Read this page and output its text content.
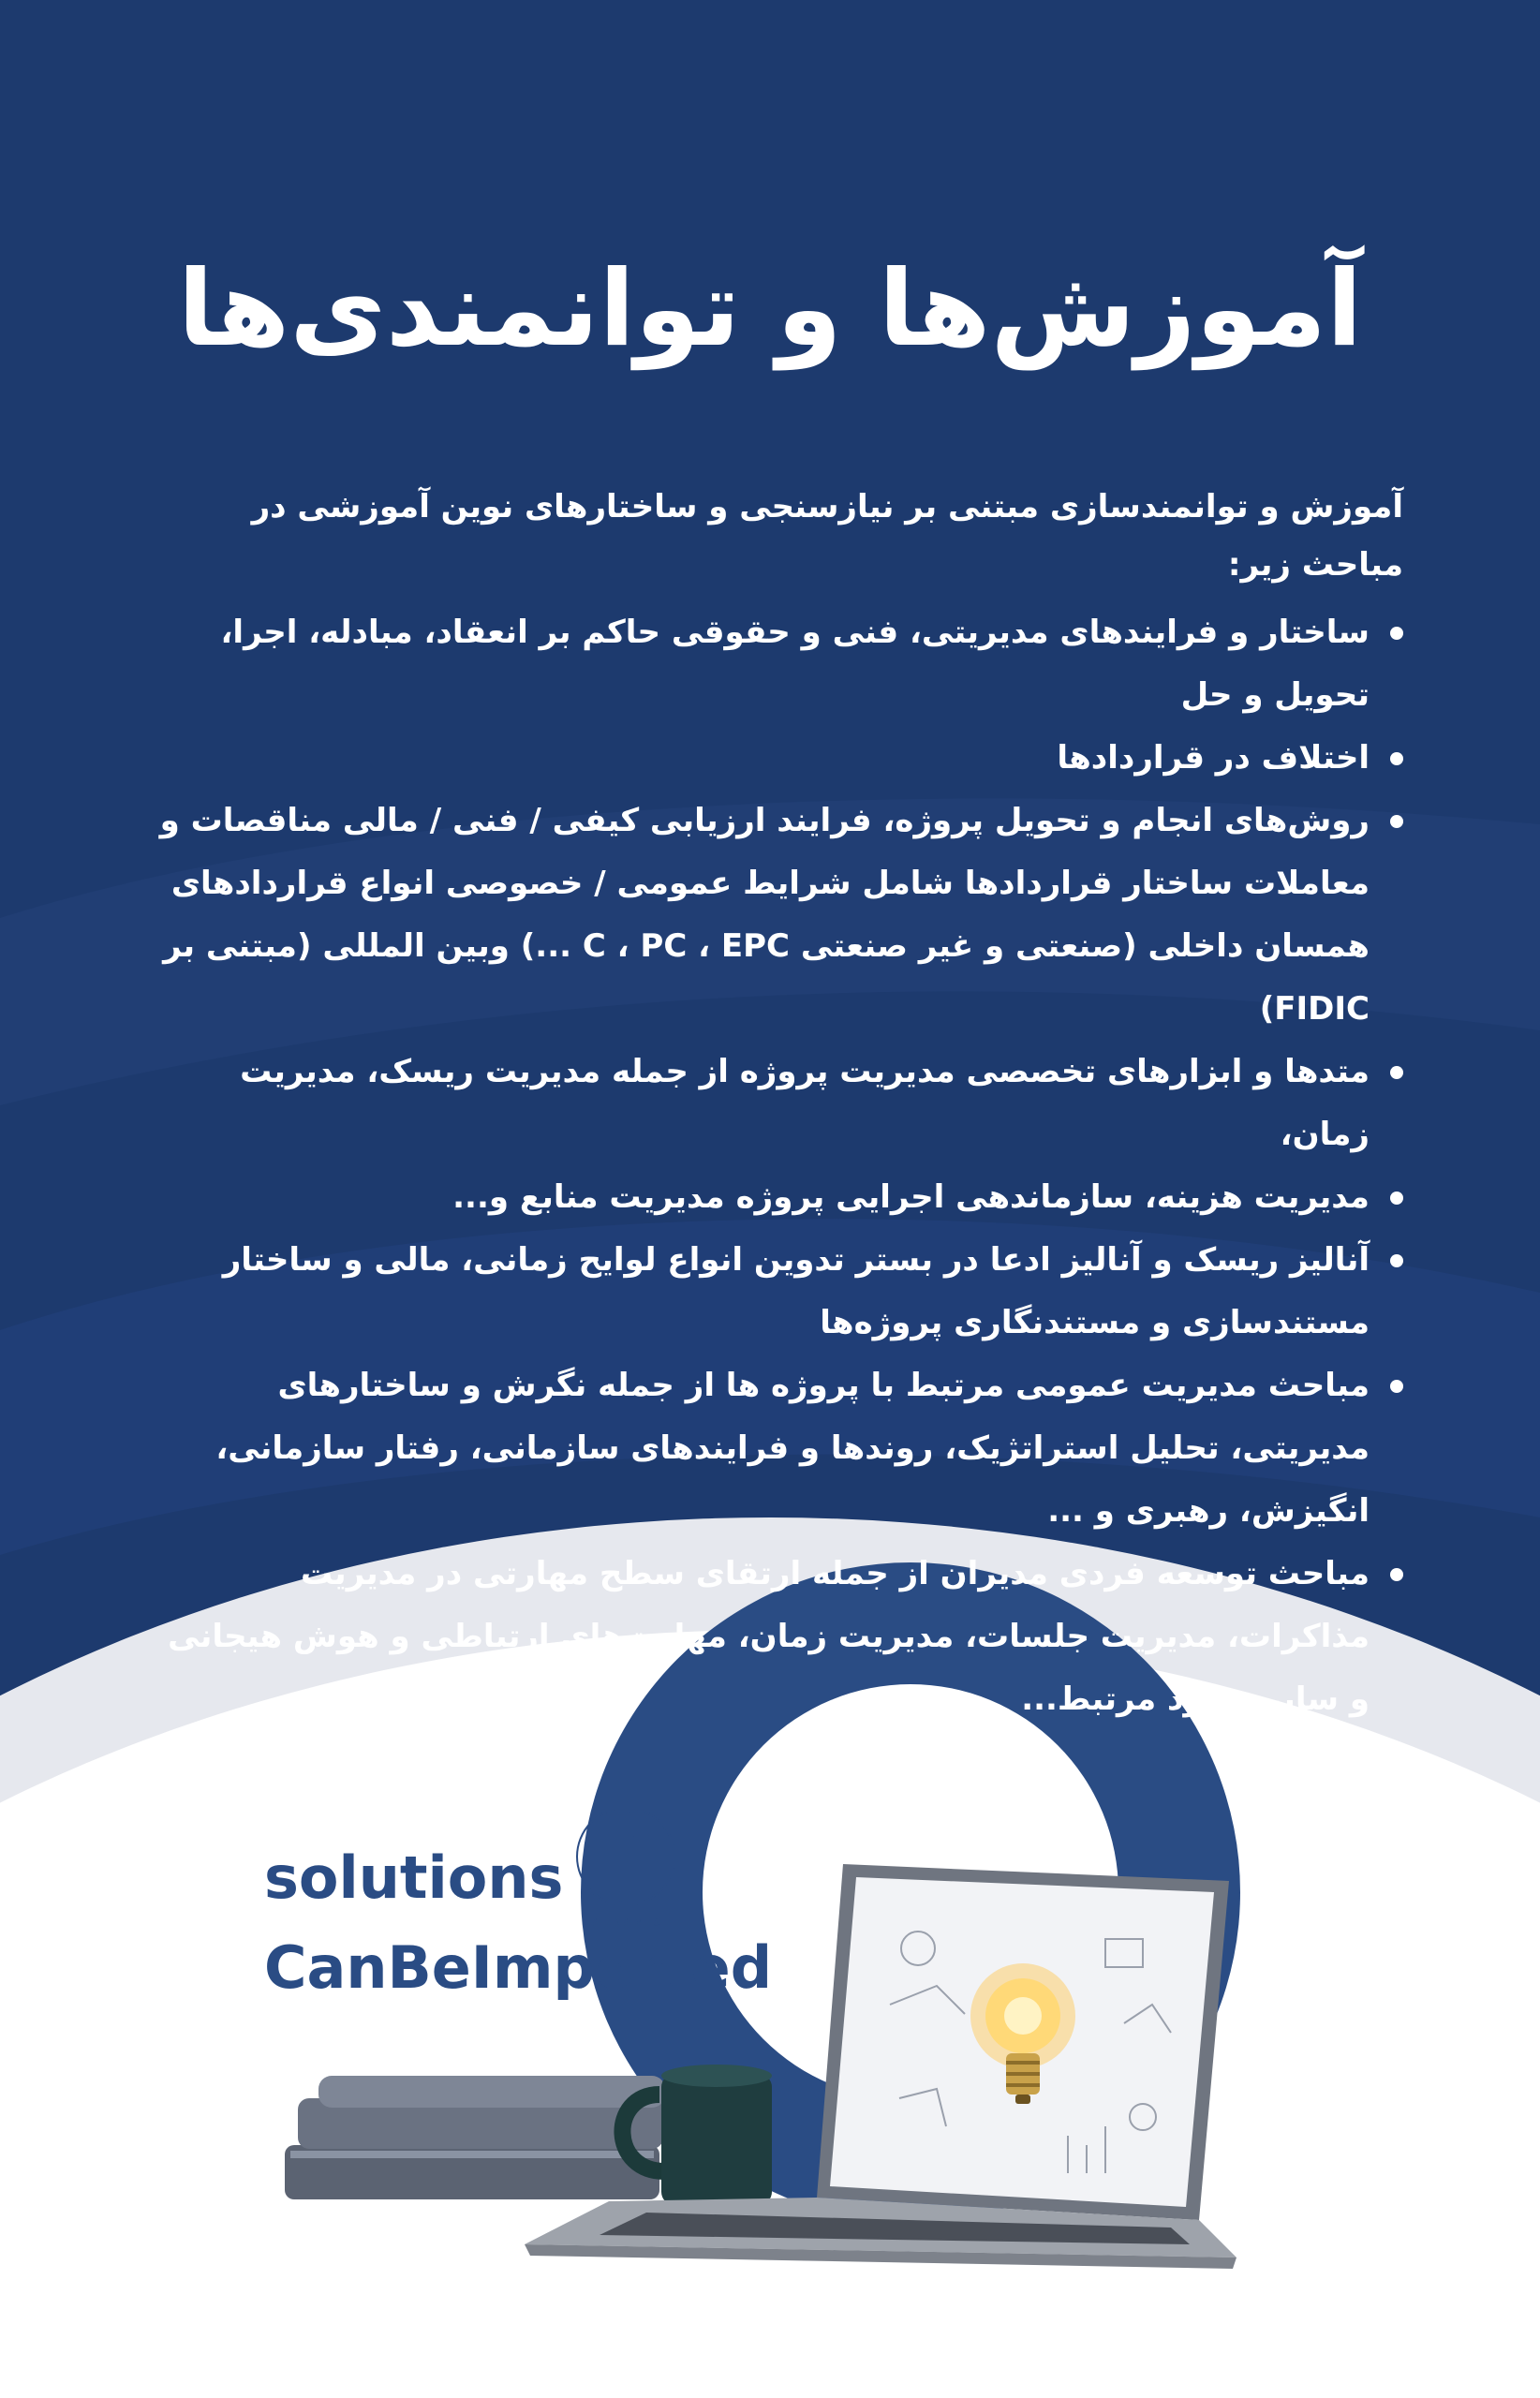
آموزش‌ها و توانمندی‌ها

آموزش و توانمندسازی مبتنی بر نیازسنجی و ساختارهای نوین آموزشی در مباحث زیر:

ساختار و فرایندهای مدیریتی، فنی و حقوقی حاکم بر انعقاد، مبادله، اجرا، تحویل و حل
اختلاف در قراردادها
روش‌های انجام و تحویل پروژه، فرایند ارزیابی کیفی / فنی / مالی مناقصات و معاملات ساختار قراردادها شامل شرایط عمومی / خصوصی انواع قراردادهای همسان داخلی (صنعتی و غیر صنعتی C ، PC ، EPC ...) وبین المللی (مبتنی بر FIDIC)
متدها و ابزارهای تخصصی مدیریت پروژه از جمله مدیریت ریسک، مدیریت زمان،
مدیریت هزینه، سازماندهی اجرایی پروژه مدیریت منابع و...
آنالیز ریسک و آنالیز ادعا در بستر تدوین انواع لوایح زمانی، مالی و ساختار مستندسازی و مستندنگاری پروژه‌ها
مباحث مدیریت عمومی مرتبط با پروژه ها از جمله نگرش و ساختارهای مدیریتی، تحلیل استراتژیک، روندها و فرایندهای سازمانی، رفتار سازمانی، انگیزش، رهبری و ...
مباحث توسعه فردی مدیران از جمله ارتقای سطح مهارتی در مدیریت مذاکرات، مدیریت جلسات، مدیریت زمان، مهارت‌های ارتباطی و هوش هیجانی و سایر موارد مرتبط...
AFRAMIS
solutions
CanBeImported
